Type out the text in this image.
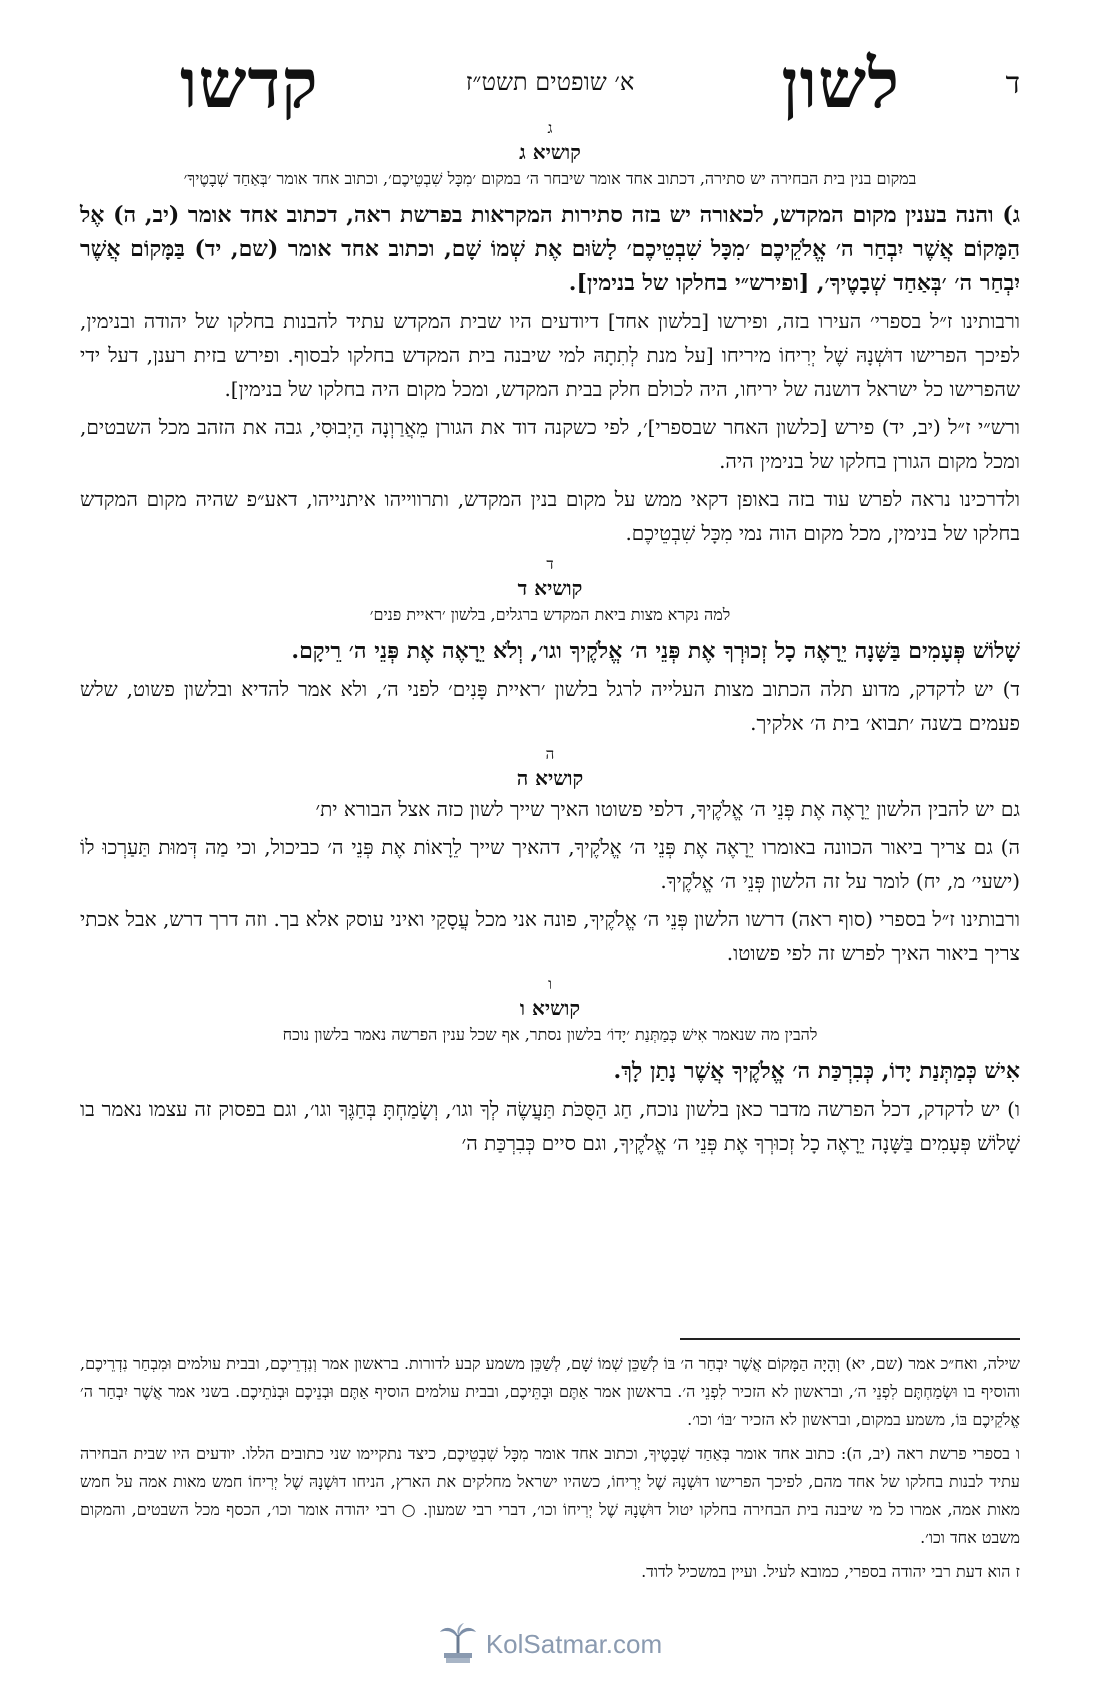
ד
לשון
א׳ שופטים תשט״ז
קדשו

ג

קושיא ג

במקום בנין בית הבחירה יש סתירה, דכתוב אחד אומר שיבחר ה׳ במקום ׳מִכָּל שִׁבְטֵיכֶם׳, וכתוב אחד אומר ׳בְּאַחַד שְׁבָטֶיךָ׳

ג) והנה בענין מקום המקדש, לכאורה יש בזה סתירות המקראות בפרשת ראה, דכתוב אחד אומר (יב, ה) אֶל הַמָּקוֹם אֲשֶׁר יִבְחַר ה׳ אֱלֹקֵיכֶם ׳מִכָּל שִׁבְטֵיכֶם׳ לָשׂוּם אֶת שְׁמוֹ שָׁם, וכתוב אחד אומר (שם, יד) בַּמָּקוֹם אֲשֶׁר יִבְחַר ה׳ ׳בְּאַחַד שְׁבָטֶיךָ׳, [ופירש״י בחלקו של בנימין].

ורבותינו ז״ל בספרי׳ העירו בזה, ופירשו [בלשון אחד] דיודעים היו שבית המקדש עתיד להבנות בחלקו של יהודה ובנימין, לפיכך הפרישו דוּשְׁנָהּ שֶׁל יְרִיחוֹ מיריחו [על מנת לְתִתָהּ למי שיבנה בית המקדש בחלקו לבסוף. ופירש בזית רענן, דעל ידי שהפרישו כל ישראל דושנה של יריחו, היה לכולם חלק בבית המקדש, ומכל מקום היה בחלקו של בנימין].

ורש״י ז״ל (יב, יד) פירש [כלשון האחר שבספרי]׳, לפי כשקנה דוד את הגורן מֵאֲרַוְנָה הַיְבוּסִי, גבה את הזהב מכל השבטים, ומכל מקום הגורן בחלקו של בנימין היה.

ולדרכינו נראה לפרש עוד בזה באופן דקאי ממש על מקום בנין המקדש, ותרווייהו איתנייהו, דאע״פ שהיה מקום המקדש בחלקו של בנימין, מכל מקום הוה נמי מִכָּל שִׁבְטֵיכֶם.

ד

קושיא ד

למה נקרא מצות ביאת המקדש ברגלים, בלשון ׳ראיית פנים׳

שָׁלוֹשׁ פְּעָמִים בַּשָּׁנָה יֵרָאֶה כָל זְכוּרְךָ אֶת פְּנֵי ה׳ אֱלֹקֶיךָ וגו׳, וְלֹא יֵרָאֶה אֶת פְּנֵי ה׳ רֵיקָם.

ד) יש לדקדק, מדוע תלה הכתוב מצות העלייה לרגל בלשון ׳ראיית פָּנִים׳ לפני ה׳, ולא אמר להדיא ובלשון פשוט, שלש פעמים בשנה ׳תבוא׳ בית ה׳ אלקיך.

ה

קושיא ה

גם יש להבין הלשון יֵרָאֶה אֶת פְּנֵי ה׳ אֱלֹקֶיךָ, דלפי פשוטו האיך שייך לשון כזה אצל הבורא ית׳

ה) גם צריך ביאור הכוונה באומרו יֵרָאֶה אֶת פְּנֵי ה׳ אֱלֹקֶיךָ, דהאיך שייך לֵרָאוֹת אֶת פְּנֵי ה׳ כביכול, וכי מַה דְּמוּת תַּעַרְכוּ לוֹ (ישעי׳ מ, יח) לומר על זה הלשון פְּנֵי ה׳ אֱלֹקֶיךָ.

ורבותינו ז״ל בספרי (סוף ראה) דרשו הלשון פְּנֵי ה׳ אֱלֹקֶיךָ, פונה אני מכל עֲסָקַי ואיני עוסק אלא בך. וזה דרך דרש, אבל אכתי צריך ביאור האיך לפרש זה לפי פשוטו.

ו

קושיא ו

להבין מה שנאמר אִישׁ כְּמַתְּנַת ׳יָדוֹ׳ בלשון נסתר, אף שכל ענין הפרשה נאמר בלשון נוכח

אִישׁ כְּמַתְּנַת יָדוֹ, כְּבִרְכַּת ה׳ אֱלֹקֶיךָ אֲשֶׁר נָתַן לָךְ.

ו) יש לדקדק, דכל הפרשה מדבר כאן בלשון נוכח, חַג הַסֻּכֹּת תַּעֲשֶׂה לְךָ וגו׳, וְשָׂמַחְתָּ בְּחַגֶּךָ וגו׳, וגם בפסוק זה עצמו נאמר בו שָׁלוֹשׁ פְּעָמִים בַּשָּׁנָה יֵרָאֶה כָל זְכוּרְךָ אֶת פְּנֵי ה׳ אֱלֹקֶיךָ, וגם סיים כְּבִרְכַּת ה׳

שילה, ואח״כ אמר (שם, יא) וְהָיָה הַמָּקוֹם אֲשֶׁר יִבְחַר ה׳ בּוֹ לְשַׁכֵּן שְׁמוֹ שָׁם, לְשַׁכֵּן משמע קבע לדורות. בראשון אמר וְנִדְרֵיכֶם, ובבית עולמים וּמִבְחַר נִדְרֵיכֶם, והוסיף בו וּשְׂמַחְתֶּם לִפְנֵי ה׳, ובראשון לא הזכיר לִפְנֵי ה׳. בראשון אמר אַתֶּם וּבָתֵּיכֶם, ובבית עולמים הוסיף אַתֶּם וּבְנֵיכֶם וּבְנֹתֵיכֶם. בשני אמר אֲשֶׁר יִבְחַר ה׳ אֱלֹקֵיכֶם בּוֹ, משמע במקום, ובראשון לא הזכיר ׳בּוֹ׳ וכו׳.

ו בספרי פרשת ראה (יב, ה): כתוב אחד אומר בְּאַחַד שְׁבָטֶיךָ, וכתוב אחד אומר מִכָּל שִׁבְטֵיכֶם, כיצד נתקיימו שני כתובים הללו. יודעים היו שבית הבחירה עתיד לבנות בחלקו של אחד מהם, לפיכך הפרישו דוּשְׁנָהּ שֶׁל יְרִיחוֹ, כשהיו ישראל מחלקים את הארץ, הניחו דוּשְׁנָהּ שֶׁל יְרִיחוֹ חמש מאות אמה על חמש מאות אמה, אמרו כל מי שיבנה בית הבחירה בחלקו יטול דוּשְׁנָהּ שֶׁל יְרִיחוֹ וכו׳, דברי רבי שמעון. ○ רבי יהודה אומר וכו׳, הכסף מכל השבטים, והמקום משבט אחד וכו׳.

ז הוא דעת רבי יהודה בספרי, כמובא לעיל. ועיין במשכיל לדוד.

KolSatmar.com
